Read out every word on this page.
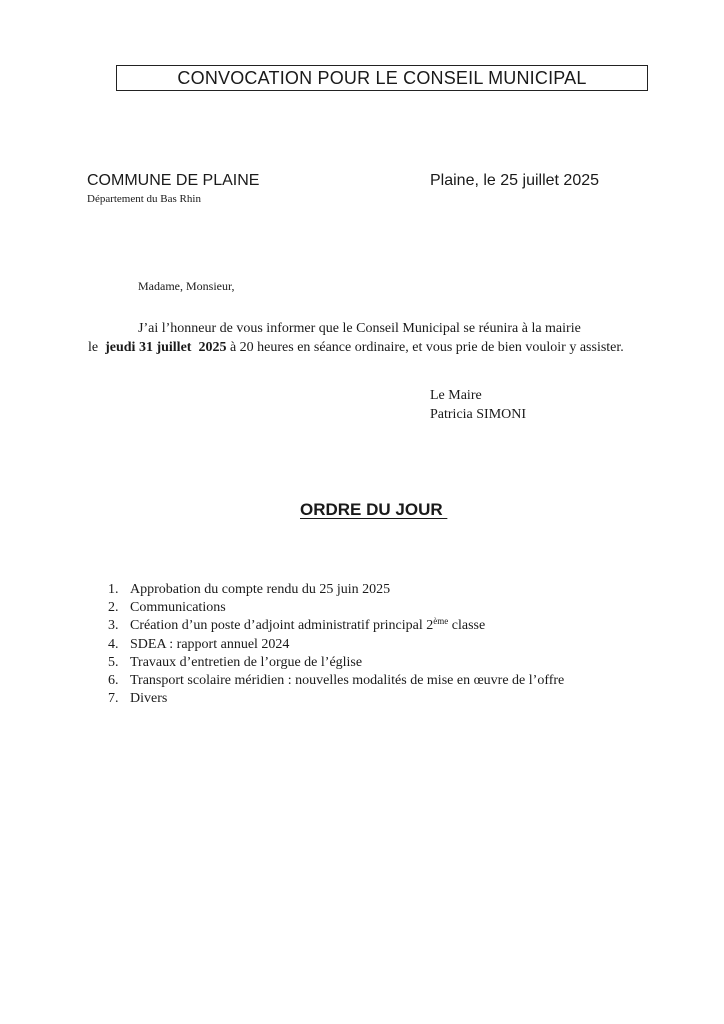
CONVOCATION POUR LE CONSEIL MUNICIPAL
COMMUNE DE PLAINE
Département du Bas Rhin
Plaine, le 25 juillet 2025
Madame, Monsieur,
J’ai l’honneur de vous informer que le Conseil Municipal se réunira à la mairie
le  jeudi 31 juillet  2025 à 20 heures en séance ordinaire, et vous prie de bien vouloir y assister.
Le Maire
Patricia SIMONI
ORDRE DU JOUR
1. Approbation du compte rendu du 25 juin 2025
2. Communications
3. Création d’un poste d’adjoint administratif principal 2ème classe
4. SDEA : rapport annuel 2024
5. Travaux d’entretien de l’orgue de l’église
6. Transport scolaire méridien : nouvelles modalités de mise en œuvre de l’offre
7. Divers
